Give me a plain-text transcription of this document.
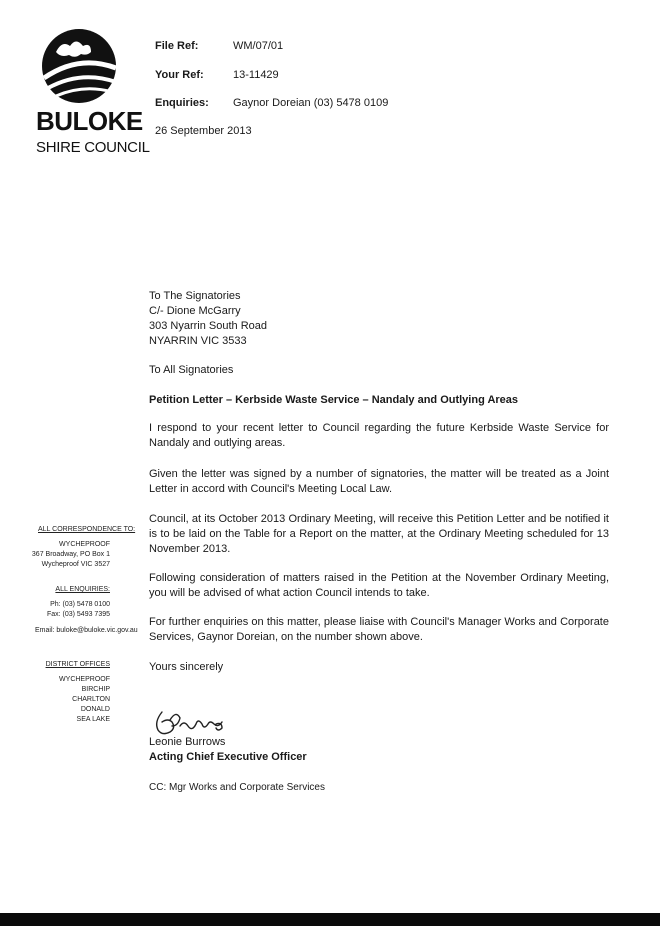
BULOKE
SHIRE COUNCIL
File Ref:	WM/07/01
Your Ref:	13-11429
Enquiries: Gaynor Doreian (03) 5478 0109
26 September 2013
To The Signatories
C/- Dione McGarry
303 Nyarrin South Road
NYARRIN VIC 3533
To All Signatories
Petition Letter – Kerbside Waste Service – Nandaly and Outlying Areas
I respond to your recent letter to Council regarding the future Kerbside Waste Service for Nandaly and outlying areas.
Given the letter was signed by a number of signatories, the matter will be treated as a Joint Letter in accord with Council's Meeting Local Law.
Council, at its October 2013 Ordinary Meeting, will receive this Petition Letter and be notified it is to be laid on the Table for a Report on the matter, at the Ordinary Meeting scheduled for 13 November 2013.
Following consideration of matters raised in the Petition at the November Ordinary Meeting, you will be advised of what action Council intends to take.
For further enquiries on this matter, please liaise with Council's Manager Works and Corporate Services, Gaynor Doreian, on the number shown above.
Yours sincerely
Leonie Burrows
Acting Chief Executive Officer
CC: Mgr Works and Corporate Services
ALL CORRESPONDENCE TO:
WYCHEPROOF
367 Broadway, PO Box 1
Wycheproof VIC 3527
ALL ENQUIRIES:
Ph: (03) 5478 0100
Fax: (03) 5493 7395
Email: buloke@buloke.vic.gov.au
DISTRICT OFFICES
WYCHEPROOF
BIRCHIP
CHARLTON
DONALD
SEA LAKE
